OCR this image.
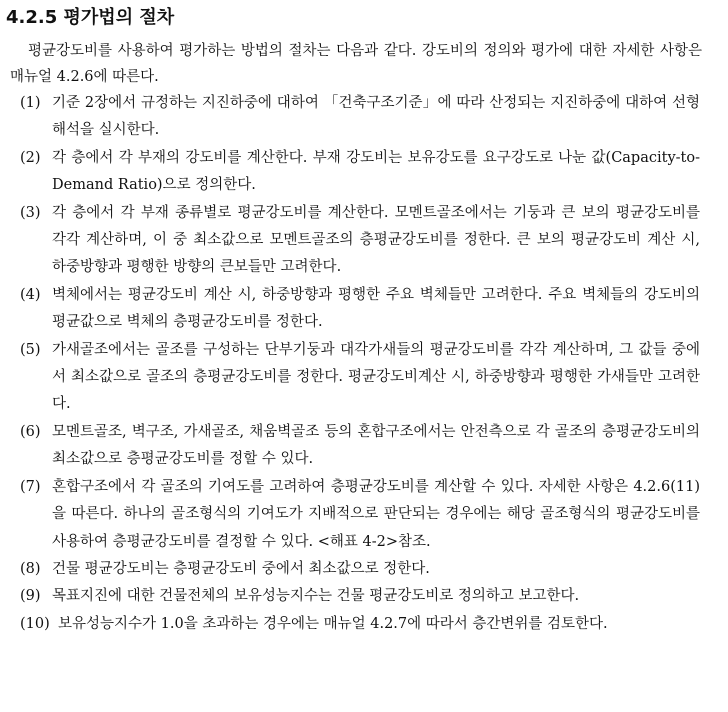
4.2.5 평가법의 절차

평균강도비를 사용하여 평가하는 방법의 절차는 다음과 같다. 강도비의 정의와 평가에 대한 자세한 사항은 매뉴얼 4.2.6에 따른다.

(1) 기준 2장에서 규정하는 지진하중에 대하여 「건축구조기준」에 따라 산정되는 지진하중에 대하여 선형해석을 실시한다.
(2) 각 층에서 각 부재의 강도비를 계산한다. 부재 강도비는 보유강도를 요구강도로 나눈 값(Capacity-to-Demand Ratio)으로 정의한다.
(3) 각 층에서 각 부재 종류별로 평균강도비를 계산한다. 모멘트골조에서는 기둥과 큰 보의 평균강도비를 각각 계산하며, 이 중 최소값으로 모멘트골조의 층평균강도비를 정한다. 큰 보의 평균강도비 계산 시, 하중방향과 평행한 방향의 큰보들만 고려한다.
(4) 벽체에서는 평균강도비 계산 시, 하중방향과 평행한 주요 벽체들만 고려한다. 주요 벽체들의 강도비의 평균값으로 벽체의 층평균강도비를 정한다.
(5) 가새골조에서는 골조를 구성하는 단부기둥과 대각가새들의 평균강도비를 각각 계산하며, 그 값들 중에서 최소값으로 골조의 층평균강도비를 정한다. 평균강도비계산 시, 하중방향과 평행한 가새들만 고려한다.
(6) 모멘트골조, 벽구조, 가새골조, 채움벽골조 등의 혼합구조에서는 안전측으로 각 골조의 층평균강도비의 최소값으로 층평균강도비를 정할 수 있다.
(7) 혼합구조에서 각 골조의 기여도를 고려하여 층평균강도비를 계산할 수 있다. 자세한 사항은 4.2.6(11)을 따른다. 하나의 골조형식의 기여도가 지배적으로 판단되는 경우에는 해당 골조형식의 평균강도비를 사용하여 층평균강도비를 결정할 수 있다. <해표 4-2>참조.
(8) 건물 평균강도비는 층평균강도비 중에서 최소값으로 정한다.
(9) 목표지진에 대한 건물전체의 보유성능지수는 건물 평균강도비로 정의하고 보고한다.
(10) 보유성능지수가 1.0을 초과하는 경우에는 매뉴얼 4.2.7에 따라서 층간변위를 검토한다.
